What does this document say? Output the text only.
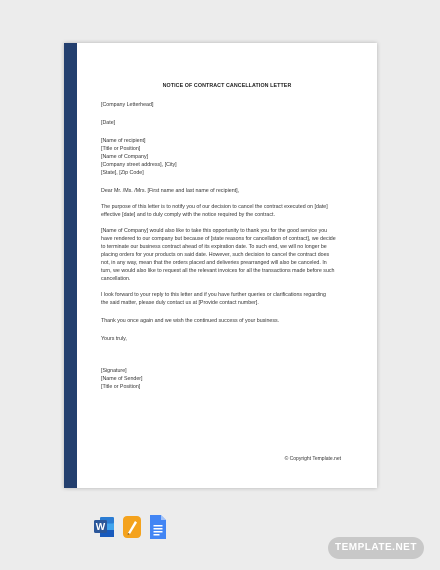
NOTICE OF CONTRACT CANCELLATION LETTER

[Company Letterhead]

[Date]

[Name of recipient]

[Title or Position]

[Name of Company]

[Company street address], [City]

[State], [Zip Code]

Dear Mr. /Ms. /Mrs. [First name and last name of recipient],

The purpose of this letter is to notify you of our decision to cancel the contract executed on [date]

effective [date] and to duly comply with the notice required by the contract.

[Name of Company] would also like to take this opportunity to thank you for the good service you

have rendered to our company but because of [state reasons for cancellation of contract], we decide

to terminate our business contract ahead of its expiration date. To such end, we will no longer be

placing orders for your products on said date. However, such decision to cancel the contract does

not, in any way, mean that the orders placed and deliveries prearranged will also be canceled. In

turn, we would also like to request all the relevant invoices for all the transactions made before such

cancellation.

I look forward to your reply to this letter and if you have further queries or clarifications regarding

the said matter, please duly contact us at [Provide contact number].

Thank you once again and we wish the continued success of your business.

Yours truly,

[Signature]

[Name of Sender]

[Title or Position]

© Copyright Template.net
W
TEMPLATE.NET
